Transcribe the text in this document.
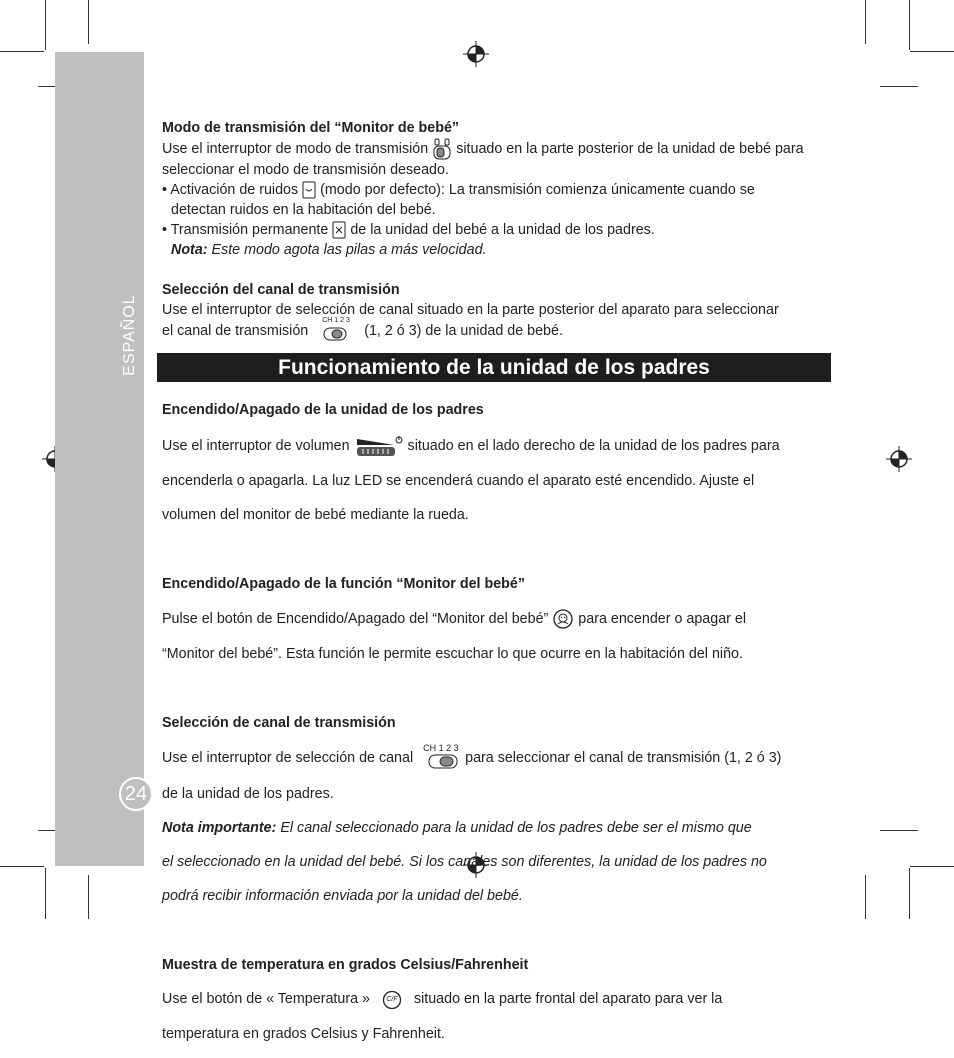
ESPAÑOL
24

Modo de transmisión del “Monitor de bebé”

Use el interruptor de modo de transmisión situado en la parte posterior de la unidad de bebé para seleccionar el modo de transmisión deseado.

• Activación de ruidos (modo por defecto): La transmisión comienza únicamente cuando se

detectan ruidos en la habitación del bebé.

• Transmisión permanente de la unidad del bebé a la unidad de los padres.

Nota: Este modo agota las pilas a más velocidad.

Selección del canal de transmisión

Use el interruptor de selección de canal situado en la parte posterior del aparato para seleccionar

el canal de transmisión
CH 1 2 3
(1, 2 ó 3) de la unidad de bebé.

Funcionamiento de la unidad de los padres

Encendido/Apagado de la unidad de los padres

Use el interruptor de volumen	situado en el lado derecho de la unidad de los padres para

encenderla o apagarla. La luz LED se encenderá cuando el aparato esté encendido. Ajuste el

volumen del monitor de bebé mediante la rueda.

Encendido/Apagado de la función “Monitor del bebé”

Pulse el botón de Encendido/Apagado del “Monitor del bebé” para encender o apagar el

“Monitor del bebé”. Esta función le permite escuchar lo que ocurre en la habitación del niño.

Selección de canal de transmisión

Use el interruptor de selección de canal
CH 1 2 3
para seleccionar el canal de transmisión (1, 2 ó 3)

de la unidad de los padres.

Nota importante: El canal seleccionado para la unidad de los padres debe ser el mismo que

el seleccionado en la unidad del bebé. Si los canales son diferentes, la unidad de los padres no

podrá recibir información enviada por la unidad del bebé.

Muestra de temperatura en grados Celsius/Fahrenheit

Use el botón de « Temperatura »	C/F	situado en la parte frontal del aparato para ver la

temperatura en grados Celsius y Fahrenheit.
